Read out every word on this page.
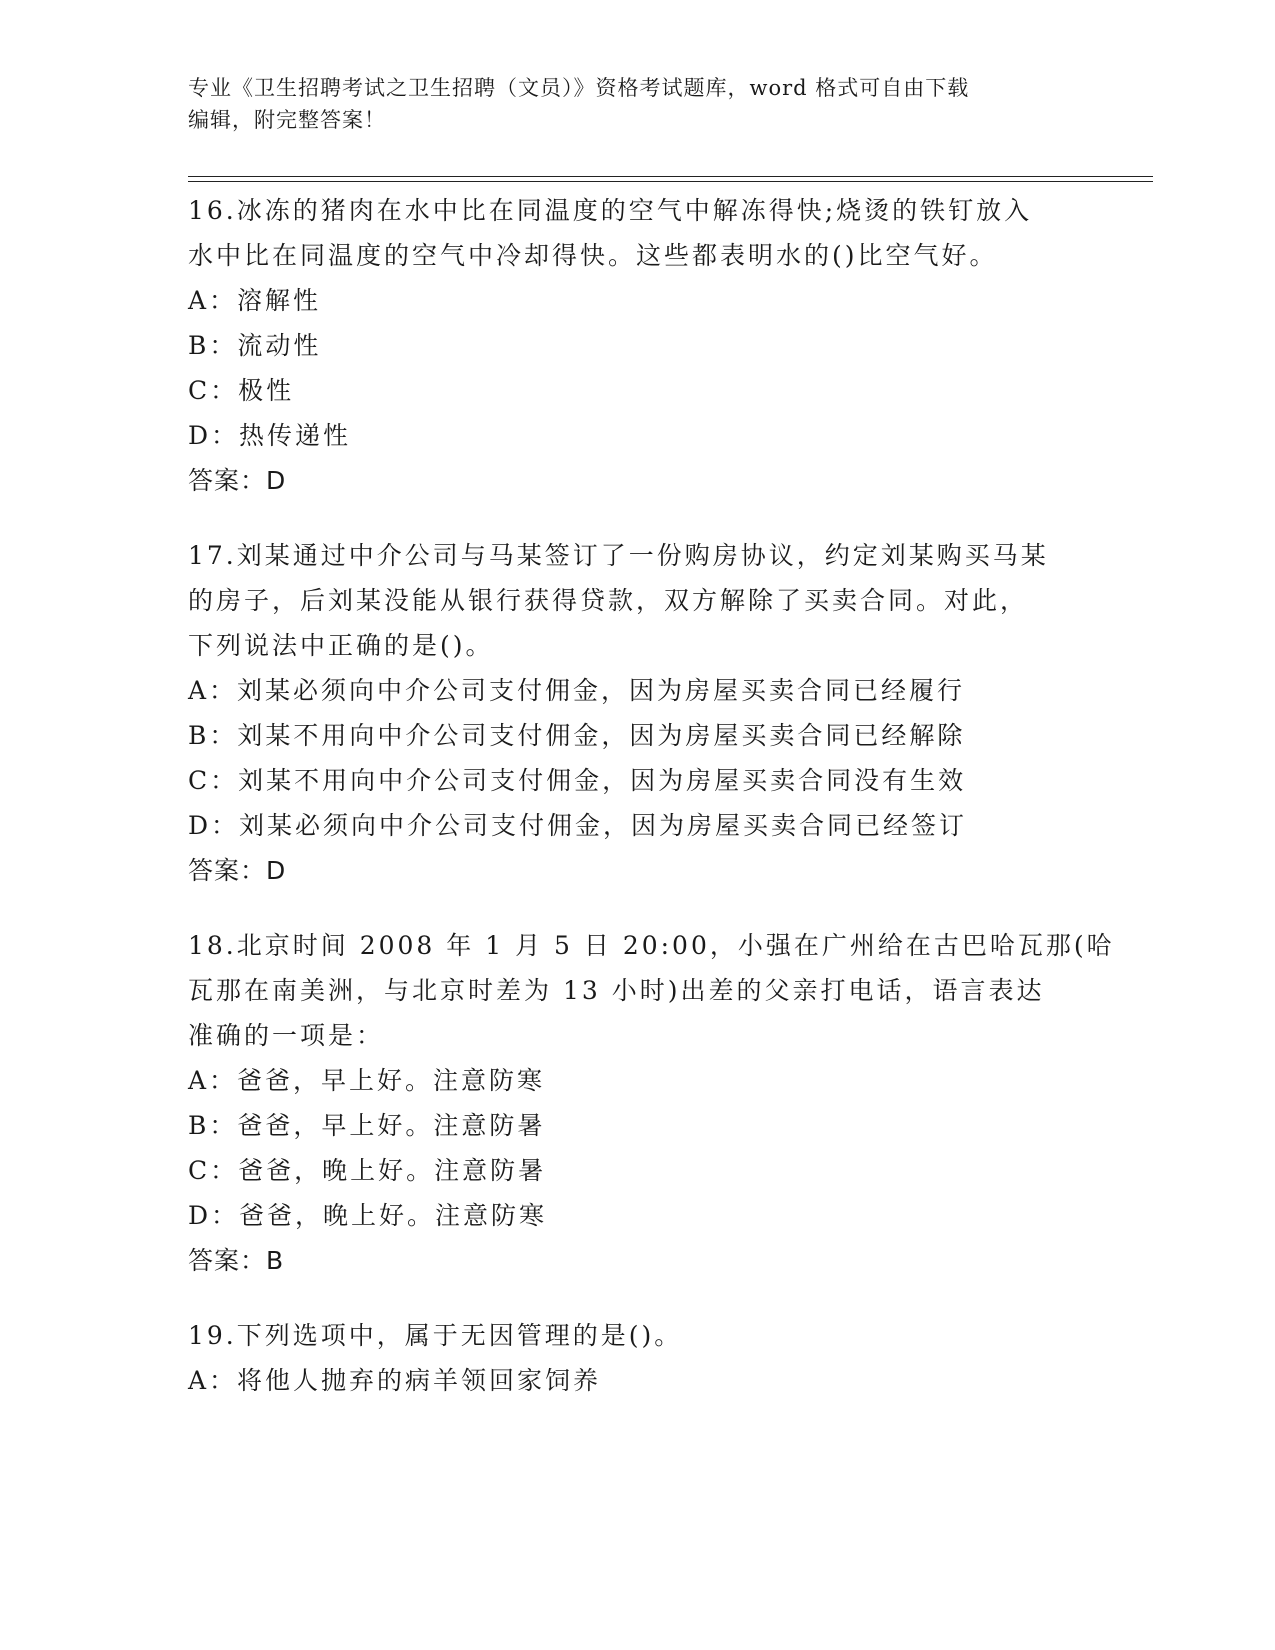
专业《卫生招聘考试之卫生招聘（文员）》资格考试题库，word 格式可自由下载
编辑，附完整答案！
16.冰冻的猪肉在水中比在同温度的空气中解冻得快;烧烫的铁钉放入
水中比在同温度的空气中冷却得快。这些都表明水的()比空气好。
A：溶解性
B：流动性
C：极性
D：热传递性
答案：D
17.刘某通过中介公司与马某签订了一份购房协议，约定刘某购买马某
的房子，后刘某没能从银行获得贷款，双方解除了买卖合同。对此，
下列说法中正确的是()。
A：刘某必须向中介公司支付佣金，因为房屋买卖合同已经履行
B：刘某不用向中介公司支付佣金，因为房屋买卖合同已经解除
C：刘某不用向中介公司支付佣金，因为房屋买卖合同没有生效
D：刘某必须向中介公司支付佣金，因为房屋买卖合同已经签订
答案：D
18.北京时间 2008 年 1 月 5 日 20:00，小强在广州给在古巴哈瓦那(哈
瓦那在南美洲，与北京时差为 13 小时)出差的父亲打电话，语言表达
准确的一项是：
A：爸爸，早上好。注意防寒
B：爸爸，早上好。注意防暑
C：爸爸，晚上好。注意防暑
D：爸爸，晚上好。注意防寒
答案：B
19.下列选项中，属于无因管理的是()。
A：将他人抛弃的病羊领回家饲养
